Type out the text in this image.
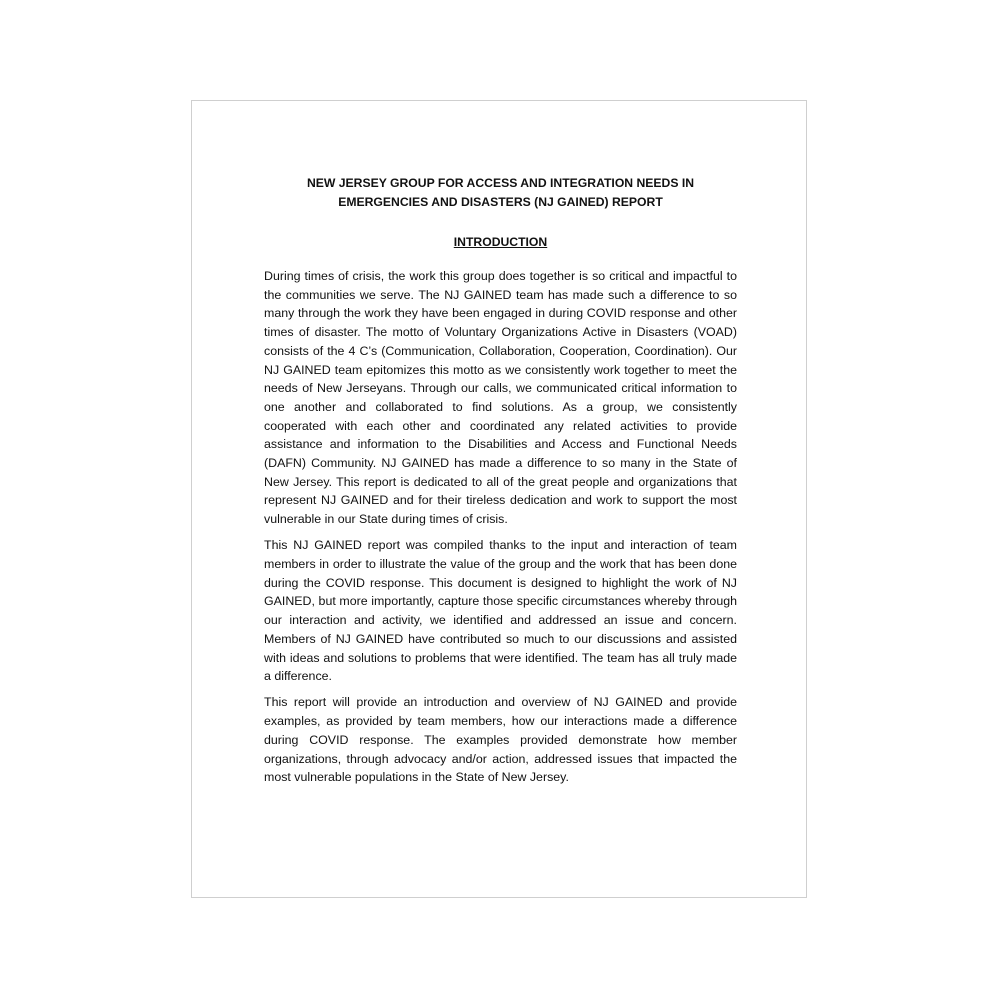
NEW JERSEY GROUP FOR ACCESS AND INTEGRATION NEEDS IN EMERGENCIES AND DISASTERS (NJ GAINED) REPORT

INTRODUCTION

During times of crisis, the work this group does together is so critical and impactful to the communities we serve. The NJ GAINED team has made such a difference to so many through the work they have been engaged in during COVID response and other times of disaster. The motto of Voluntary Organizations Active in Disasters (VOAD) consists of the 4 C’s (Communication, Collaboration, Cooperation, Coordination). Our NJ GAINED team epitomizes this motto as we consistently work together to meet the needs of New Jerseyans. Through our calls, we communicated critical information to one another and collaborated to find solutions. As a group, we consistently cooperated with each other and coordinated any related activities to provide assistance and information to the Disabilities and Access and Functional Needs (DAFN) Community. NJ GAINED has made a difference to so many in the State of New Jersey. This report is dedicated to all of the great people and organizations that represent NJ GAINED and for their tireless dedication and work to support the most vulnerable in our State during times of crisis.

This NJ GAINED report was compiled thanks to the input and interaction of team members in order to illustrate the value of the group and the work that has been done during the COVID response. This document is designed to highlight the work of NJ GAINED, but more importantly, capture those specific circumstances whereby through our interaction and activity, we identified and addressed an issue and concern. Members of NJ GAINED have contributed so much to our discussions and assisted with ideas and solutions to problems that were identified. The team has all truly made a difference.

This report will provide an introduction and overview of NJ GAINED and provide examples, as provided by team members, how our interactions made a difference during COVID response. The examples provided demonstrate how member organizations, through advocacy and/or action, addressed issues that impacted the most vulnerable populations in the State of New Jersey.
